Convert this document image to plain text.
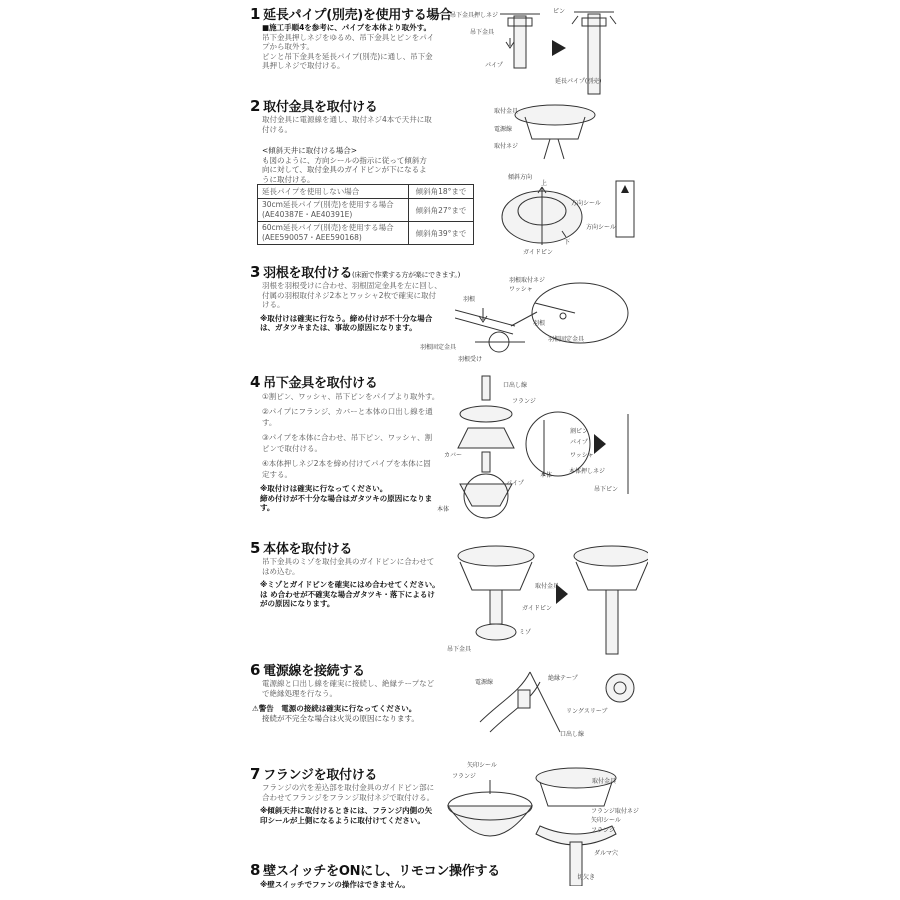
1 延長パイプ(別売)を使用する場合
■施工手順4を参考に、パイプを本体より取外す。
吊下金具押しネジをゆるめ、吊下金具とピンをパイ
プから取外す。
ピンと吊下金具を延長パイプ(別売)に通し、吊下金
具押しネジで取付ける。
2 取付金具を取付ける
取付金具に電源線を通し、取付ネジ4本で天井に取
付ける。
<傾斜天井に取付ける場合>
も図のように、方向シールの指示に従って傾斜方
向に対して、取付金具のガイドピンが下になるよ
うに取付ける。
延長パイプを使用しない場合	傾斜角18°まで
30cm延長パイプ(別売)を使用する場合
(AE40387E・AE40391E)	傾斜角27°まで
60cm延長パイプ(別売)を使用する場合
(AEE590057・AEE590168)	傾斜角39°まで
3 羽根を取付ける(床面で作業する方が楽にできます。)
羽根を羽根受けに合わせ、羽根固定金具を左に回し、
付属の羽根取付ネジ2本とワッシャ2枚で確実に取付
ける。
※取付けは確実に行なう。締め付けが不十分な場合
は、ガタツキまたは、事故の原因になります。
4 吊下金具を取付ける
①割ピン、ワッシャ、吊下ピンをパイプより取外す。
②パイプにフランジ、カバーと本体の口出し線を通
す。
③パイプを本体に合わせ、吊下ピン、ワッシャ、割
ピンで取付ける。
④本体押しネジ2本を締め付けてパイプを本体に固
定する。
※取付けは確実に行なってください。
締め付けが不十分な場合はガタツキの原因になりま
す。
5 本体を取付ける
吊下金具のミゾを取付金具のガイドピンに合わせて
はめ込む。
※ミゾとガイドピンを確実にはめ合わせてください。
は め合わせが不確実な場合ガタツキ・落下によるけ
がの原因になります。
6 電源線を接続する
電源線と口出し線を確実に接続し、絶縁テープなど
で絶縁処理を行なう。
⚠警告　電源の接続は確実に行なってください。
接続が不完全な場合は火災の原因になります。
7 フランジを取付ける
フランジの穴を差込部を取付金具のガイドピン部に
合わせてフランジをフランジ取付ネジで取付ける。
※傾斜天井に取付けるときには、フランジ内側の矢
印シールが上側になるように取付けてください。
8 壁スイッチをONにし、リモコン操作する
※壁スイッチでファンの操作はできません。
吊下金具押しネジ
ピン
吊下金具
パイプ
延長パイプ(別売)
取付金具
電源線
取付ネジ
傾斜方向
上
方向シール
方向シール
ガイドピン
下
羽根取付ネジ
ワッシャ
羽根
羽根
羽根固定金具
羽根固定金具
羽根受け
口出し線
フランジ
カバー
パイプ
本体
割ピン
パイプ
ワッシャ
本体押しネジ
本体
吊下ピン
取付金具
ガイドピン
ミゾ
吊下金具
電源線
絶縁テープ
リングスリーブ
口出し線
矢印シール
フランジ
取付金具
フランジ取付ネジ
矢印シール
フランジ
ダルマ穴
切欠き
